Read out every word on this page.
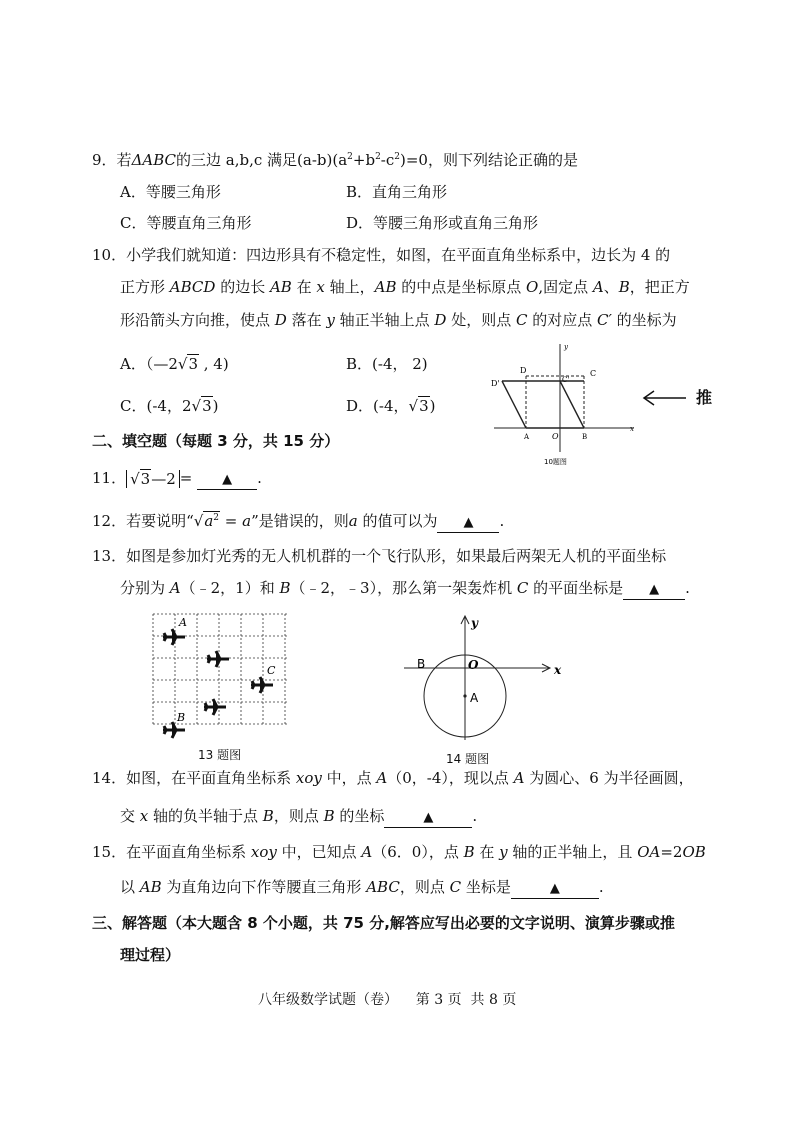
9．若ΔABC的三边 a,b,c 满足$(a-b)(a^2+b^2-c^2)=0$，则下列结论正确的是
A．等腰三角形	B．直角三角形
C．等腰直角三角形	D．等腰三角形或直角三角形
10．小学我们就知道：四边形具有不稳定性，如图，在平面直角坐标系中，边长为 4 的
正方形 ABCD 的边长 AB 在 x 轴上，AB 的中点是坐标原点 O,固定点 A、B，把正方
形沿箭头方向推，使点 D 落在 y 轴正半轴上点 D 处，则点 C 的对应点 C′ 的坐标为
A．（—2√3 , 4)	B．(-4， 2)
C．(-4，2√3)	D．(-4，√3)
D'
D
C'
C
A	O	B
x
y
10题图
推
二、填空题（每题 3 分，共 15 分）
11． √3—2 = ▲ .
12．若要说明“$√a^2 = a$”是错误的，则a 的值可以为 ▲ .
13．如图是参加灯光秀的无人机机群的一个飞行队形，如果最后两架无人机的平面坐标
分别为 A（﹣2，1）和 B（﹣2，﹣3），那么第一架轰炸机 C 的平面坐标是 ▲ .
A
C
B
13 题图
y
x
B	O
A
14 题图
14．如图，在平面直角坐标系 xoy 中，点 A（0，-4），现以点 A 为圆心、6 为半径画圆，
交 x 轴的负半轴于点 B，则点 B 的坐标	▲	.
15．在平面直角坐标系 xoy 中，已知点 A（6．0），点 B 在 y 轴的正半轴上，且 OA=2OB
以 AB 为直角边向下作等腰直三角形 ABC，则点 C 坐标是	▲	.
三、解答题（本大题含 8 个小题，共 75 分,解答应写出必要的文字说明、演算步骤或推
理过程）
八年级数学试题（卷）    第 3 页  共 8 页
